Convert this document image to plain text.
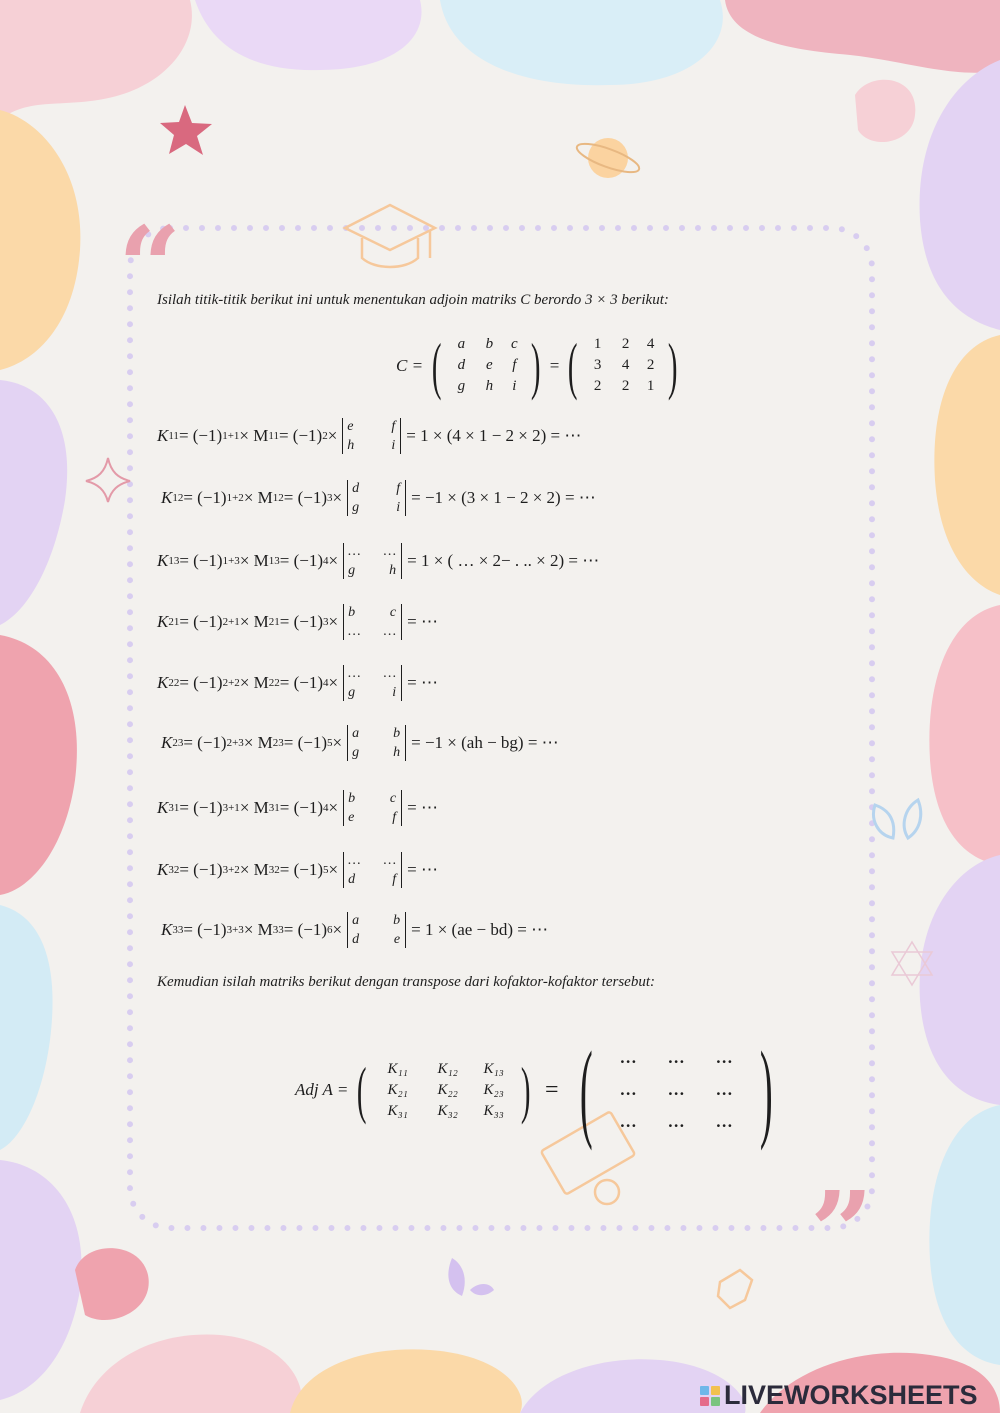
“
”
Isilah titik-titik berikut ini untuk menentukan adjoin matriks C berordo 3 × 3 berikut:
C = (	a	b	c
d	e	f
g	h	i ) = (	1	2	4
3	4	2
2	2	1 )
K 11 = (−1) 1+1 × M 11 = (−1) 2 × e	f
h	i
= 1 × (4 × 1 − 2 × 2) = ⋯
K 12 = (−1) 1+2 × M 12 = (−1) 3 × d	f
g	i
= −1 × (3 × 1 − 2 × 2) = ⋯
K 13 = (−1) 1+3 × M 13 = (−1) 4 × …	…
g	h
= 1 × ( … × 2− . .. × 2) = ⋯
K 21 = (−1) 2+1 × M 21 = (−1) 3 × b	c
…	…
= ⋯
K 22 = (−1) 2+2 × M 22 = (−1) 4 × …	…
g	i
= ⋯
K 23 = (−1) 2+3 × M 23 = (−1) 5 × a	b
g	h
= −1 × (ah − bg) = ⋯
K 31 = (−1) 3+1 × M 31 = (−1) 4 × b	c
e	f
= ⋯
K 32 = (−1) 3+2 × M 32 = (−1) 5 × …	…
d	f
= ⋯
K 33 = (−1) 3+3 × M 33 = (−1) 6 × a	b
d	e
= 1 × (ae − bd) = ⋯
Kemudian isilah matriks berikut dengan transpose dari kofaktor-kofaktor tersebut:
Adj A = (	K₁₁	K₁₂	K₁₃
K₂₁	K₂₂	K₂₃
K₃₁	K₃₂	K₃₃ ) = (	…	…	…
…	…	…
…	…	… )
LIVEWORKSHEETS
